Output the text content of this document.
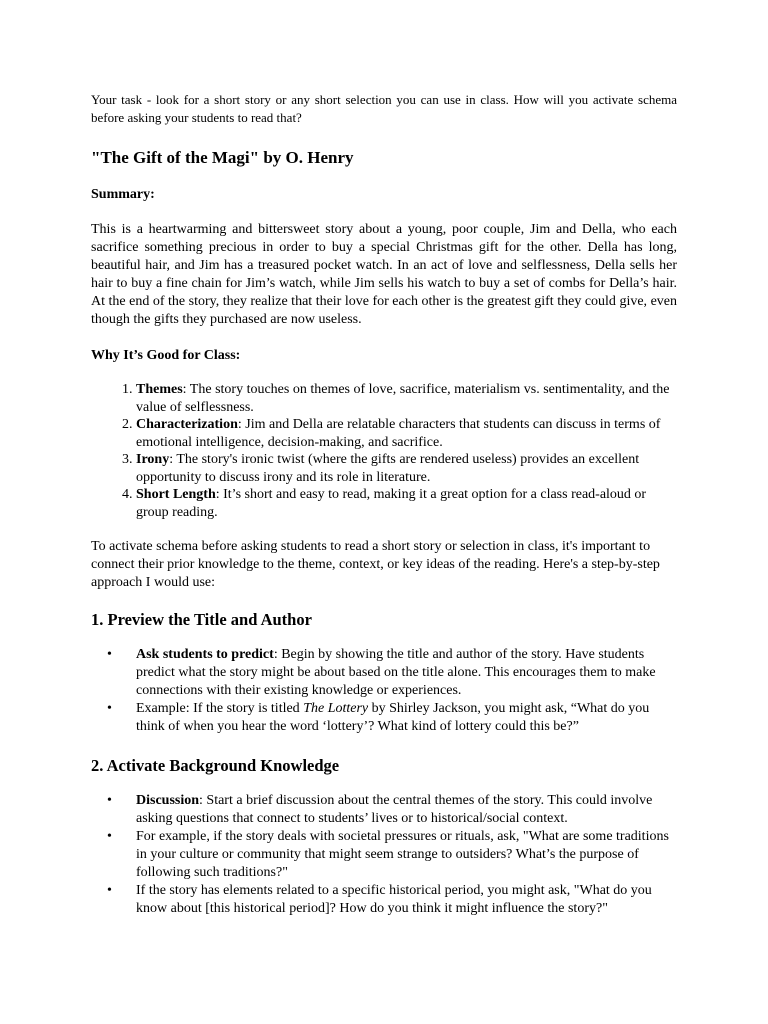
Your task - look for a short story or any short selection you can use in class. How will you activate schema before asking your students to read that?

"The Gift of the Magi" by O. Henry

Summary:

This is a heartwarming and bittersweet story about a young, poor couple, Jim and Della, who each sacrifice something precious in order to buy a special Christmas gift for the other. Della has long, beautiful hair, and Jim has a treasured pocket watch. In an act of love and selflessness, Della sells her hair to buy a fine chain for Jim’s watch, while Jim sells his watch to buy a set of combs for Della’s hair. At the end of the story, they realize that their love for each other is the greatest gift they could give, even though the gifts they purchased are now useless.

Why It’s Good for Class:

1. Themes: The story touches on themes of love, sacrifice, materialism vs. sentimentality, and the value of selflessness.
2. Characterization: Jim and Della are relatable characters that students can discuss in terms of emotional intelligence, decision-making, and sacrifice.
3. Irony: The story's ironic twist (where the gifts are rendered useless) provides an excellent opportunity to discuss irony and its role in literature.
4. Short Length: It’s short and easy to read, making it a great option for a class read-aloud or group reading.

To activate schema before asking students to read a short story or selection in class, it's important to connect their prior knowledge to the theme, context, or key ideas of the reading. Here's a step-by-step approach I would use:

1. Preview the Title and Author
• Ask students to predict: Begin by showing the title and author of the story. Have students predict what the story might be about based on the title alone. This encourages them to make connections with their existing knowledge or experiences.
• Example: If the story is titled The Lottery by Shirley Jackson, you might ask, “What do you think of when you hear the word ‘lottery’? What kind of lottery could this be?”
2. Activate Background Knowledge
• Discussion: Start a brief discussion about the central themes of the story. This could involve asking questions that connect to students’ lives or to historical/social context.
• For example, if the story deals with societal pressures or rituals, ask, "What are some traditions in your culture or community that might seem strange to outsiders? What’s the purpose of following such traditions?"
• If the story has elements related to a specific historical period, you might ask, "What do you know about [this historical period]? How do you think it might influence the story?"
